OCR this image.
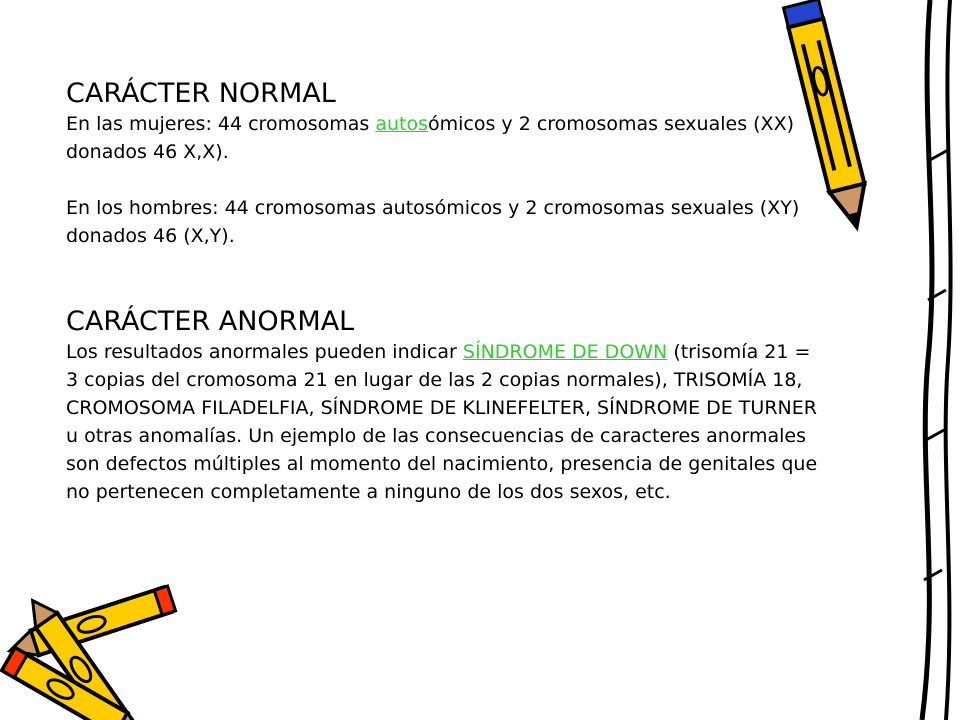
CARÁCTER NORMAL

En las mujeres: 44 cromosomas autosómicos y 2 cromosomas sexuales (XX) donados 46 X,X).

En los hombres: 44 cromosomas autosómicos y 2 cromosomas sexuales (XY) donados 46 (X,Y).

CARÁCTER ANORMAL

Los resultados anormales pueden indicar SÍNDROME DE DOWN (trisomía 21 = 3 copias del cromosoma 21 en lugar de las 2 copias normales), TRISOMÍA 18, CROMOSOMA FILADELFIA, SÍNDROME DE KLINEFELTER, SÍNDROME DE TURNER u otras anomalías. Un ejemplo de las consecuencias de caracteres anormales son defectos múltiples al momento del nacimiento, presencia de genitales que no pertenecen completamente a ninguno de los dos sexos, etc.
